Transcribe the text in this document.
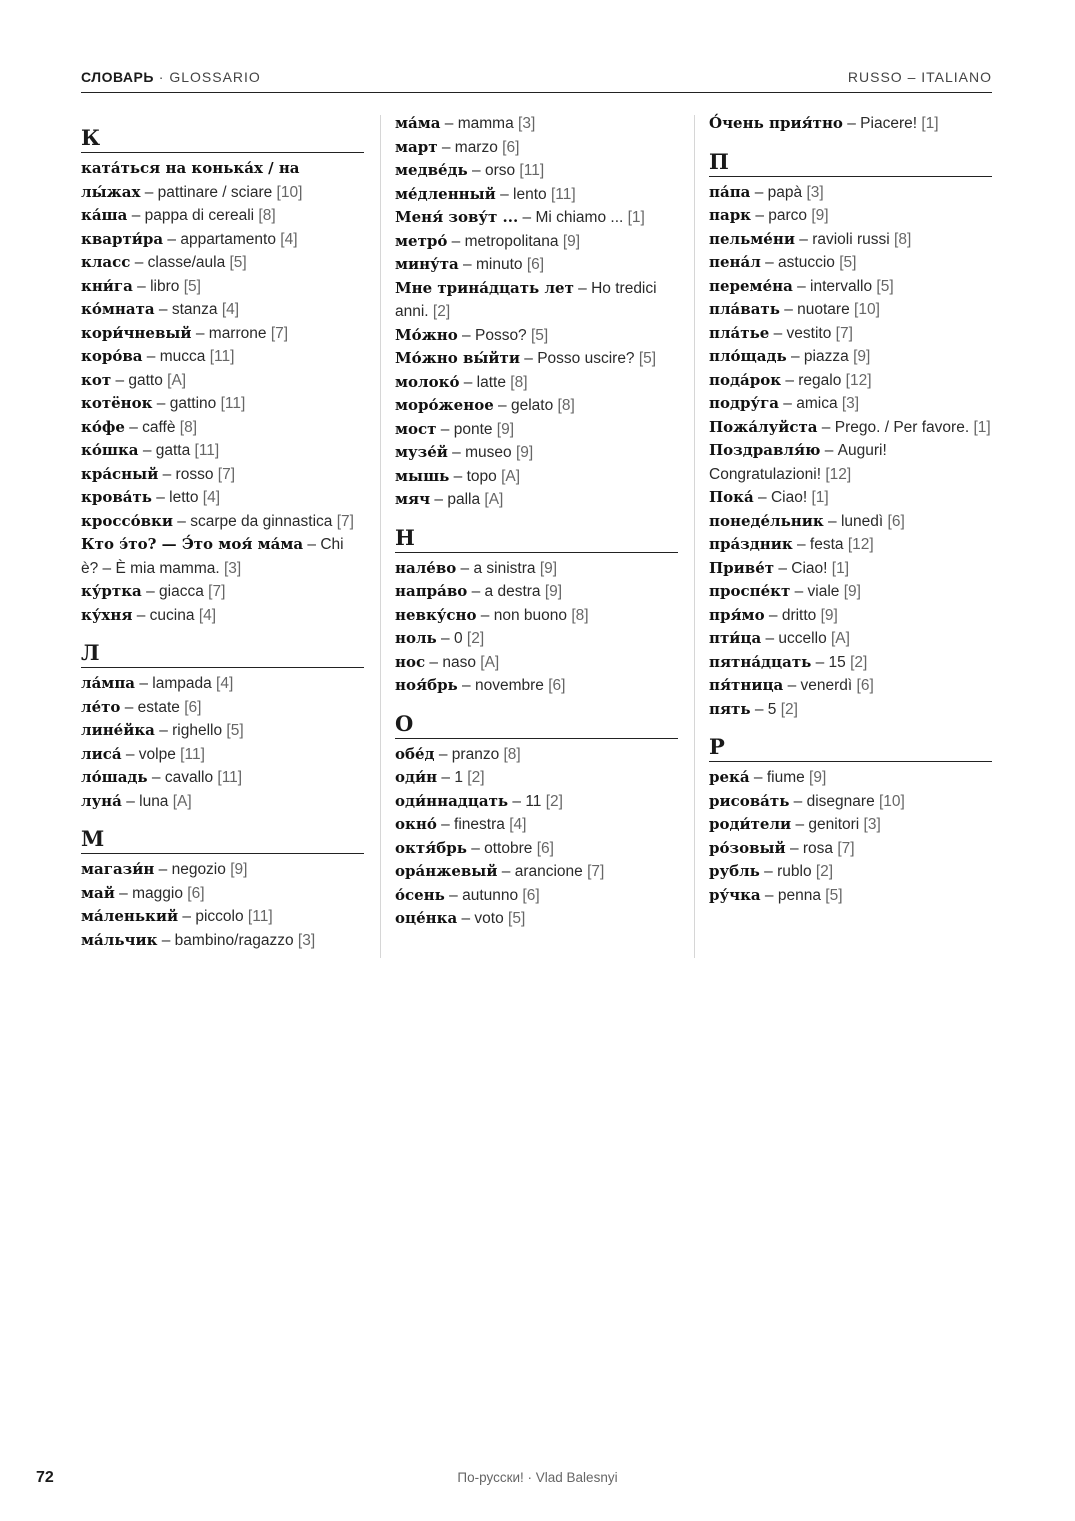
СЛОВАРЬ · GLOSSARIO	RUSSO – ITALIANO
К
ката́ться на конька́х / на лы́жах – pattinare / sciare [10]
ка́ша – pappa di cereali [8]
кварти́ра – appartamento [4]
класс – classe/aula [5]
кни́га – libro [5]
ко́мната – stanza [4]
кори́чневый – marrone [7]
коро́ва – mucca [11]
кот – gatto [A]
котёнок – gattino [11]
ко́фе – caffè [8]
ко́шка – gatta [11]
кра́сный – rosso [7]
крова́ть – letto [4]
кроссо́вки – scarpe da ginnastica [7]
Кто э́то? — Э́то моя́ ма́ма – Chi è? – È mia mamma. [3]
ку́ртка – giacca [7]
ку́хня – cucina [4]
Л
ла́мпа – lampada [4]
ле́то – estate [6]
лине́йка – righello [5]
лиса́ – volpe [11]
ло́шадь – cavallo [11]
луна́ – luna [A]
М
магази́н – negozio [9]
май – maggio [6]
ма́ленький – piccolo [11]
ма́льчик – bambino/ragazzo [3]
ма́ма – mamma [3]
март – marzo [6]
медве́дь – orso [11]
ме́дленный – lento [11]
Меня́ зову́т ... – Mi chiamo ... [1]
метро́ – metropolitana [9]
мину́та – minuto [6]
Мне трина́дцать лет – Ho tredici anni. [2]
Мо́жно – Posso? [5]
Мо́жно вы́йти – Posso uscire? [5]
молоко́ – latte [8]
моро́женое – gelato [8]
мост – ponte [9]
музе́й – museo [9]
мышь – topo [A]
мяч – palla [A]
Н
нале́во – a sinistra [9]
напра́во – a destra [9]
невку́сно – non buono [8]
ноль – 0 [2]
нос – naso [A]
ноя́брь – novembre [6]
О
обе́д – pranzo [8]
оди́н – 1 [2]
оди́ннадцать – 11 [2]
окно́ – finestra [4]
октя́брь – ottobre [6]
ора́нжевый – arancione [7]
о́сень – autunno [6]
оце́нка – voto [5]
О́чень прия́тно – Piacere! [1]
П
па́па – papà [3]
парк – parco [9]
пельме́ни – ravioli russi [8]
пена́л – astuccio [5]
переме́на – intervallo [5]
пла́вать – nuotare [10]
пла́тье – vestito [7]
пло́щадь – piazza [9]
пода́рок – regalo [12]
подру́га – amica [3]
Пожа́луйста – Prego. / Per favore. [1]
Поздравля́ю – Auguri! Congratulazioni! [12]
Пока́ – Ciao! [1]
понеде́льник – lunedì [6]
пра́здник – festa [12]
Приве́т – Ciao! [1]
проспе́кт – viale [9]
пря́мо – dritto [9]
пти́ца – uccello [A]
пятна́дцать – 15 [2]
пя́тница – venerdì [6]
пять – 5 [2]
Р
река́ – fiume [9]
рисова́ть – disegnare [10]
роди́тели – genitori [3]
ро́зовый – rosa [7]
рубль – rublo [2]
ру́чка – penna [5]
72	По-русски! · Vlad Balesnyi
